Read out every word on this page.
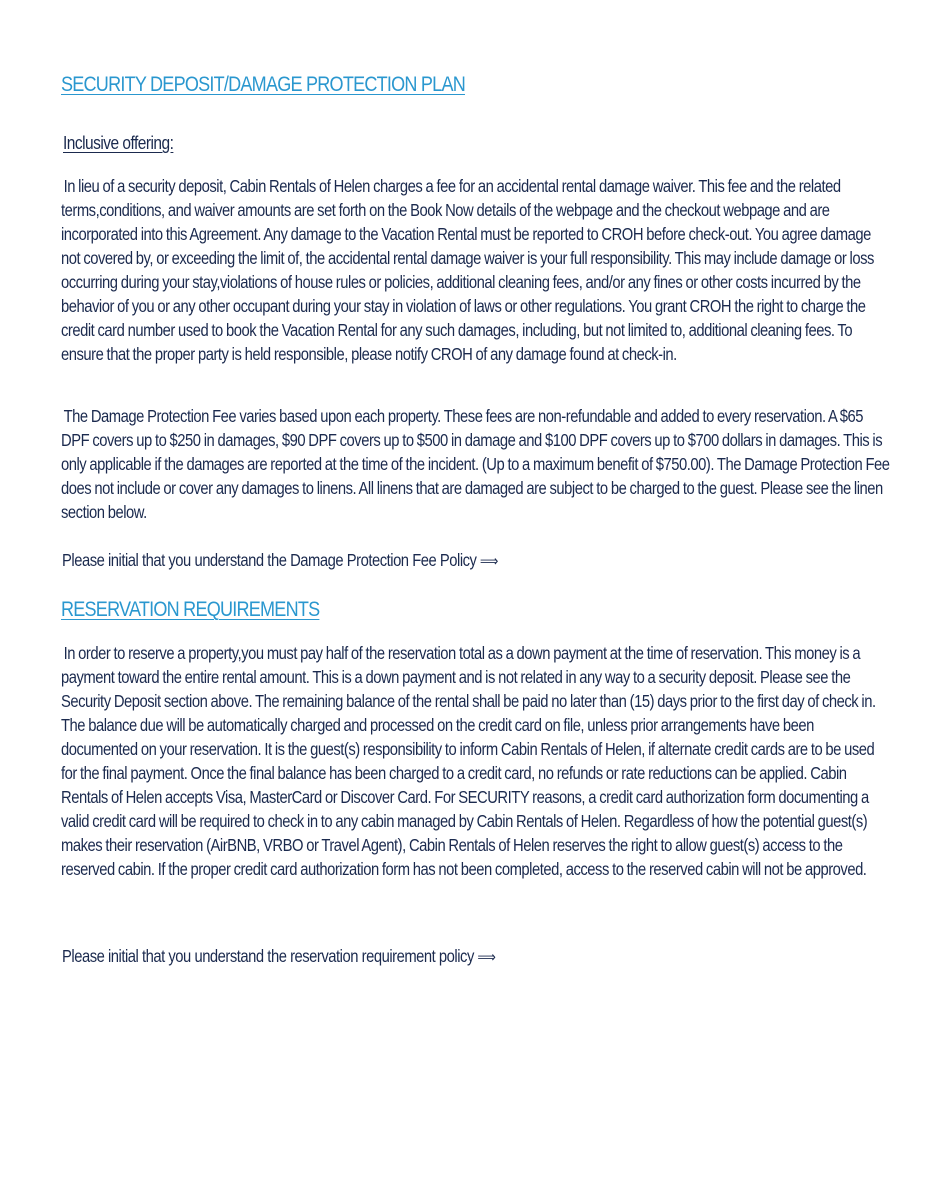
SECURITY DEPOSIT/DAMAGE PROTECTION PLAN
Inclusive offering:

In lieu of a security deposit, Cabin Rentals of Helen charges a fee for an accidental rental damage waiver. This fee and the related terms,conditions, and waiver amounts are set forth on the Book Now details of the webpage and the checkout webpage and are incorporated into this Agreement. Any damage to the Vacation Rental must be reported to CROH before check-out. You agree damage not covered by, or exceeding the limit of, the accidental rental damage waiver is your full responsibility. This may include damage or loss occurring during your stay,violations of house rules or policies, additional cleaning fees, and/or any fines or other costs incurred by the behavior of you or any other occupant during your stay in violation of laws or other regulations. You grant CROH the right to charge the credit card number used to book the Vacation Rental for any such damages, including, but not limited to, additional cleaning fees. To ensure that the proper party is held responsible, please notify CROH of any damage found at check-in.

The Damage Protection Fee varies based upon each property. These fees are non-refundable and added to every reservation. A $65 DPF covers up to $250 in damages, $90 DPF covers up to $500 in damage and $100 DPF covers up to $700 dollars in damages. This is only applicable if the damages are reported at the time of the incident. (Up to a maximum benefit of $750.00). The Damage Protection Fee does not include or cover any damages to linens. All linens that are damaged are subject to be charged to the guest. Please see the linen section below.

Please initial that you understand the Damage Protection Fee Policy ⟹
RESERVATION REQUIREMENTS

In order to reserve a property,you must pay half of the reservation total as a down payment at the time of reservation. This money is a payment toward the entire rental amount. This is a down payment and is not related in any way to a security deposit. Please see the Security Deposit section above. The remaining balance of the rental shall be paid no later than (15) days prior to the first day of check in. The balance due will be automatically charged and processed on the credit card on file, unless prior arrangements have been documented on your reservation. It is the guest(s) responsibility to inform Cabin Rentals of Helen, if alternate credit cards are to be used for the final payment. Once the final balance has been charged to a credit card, no refunds or rate reductions can be applied. Cabin Rentals of Helen accepts Visa, MasterCard or Discover Card. For SECURITY reasons, a credit card authorization form documenting a valid credit card will be required to check in to any cabin managed by Cabin Rentals of Helen. Regardless of how the potential guest(s) makes their reservation (AirBNB, VRBO or Travel Agent), Cabin Rentals of Helen reserves the right to allow guest(s) access to the reserved cabin. If the proper credit card authorization form has not been completed, access to the reserved cabin will not be approved.

Please initial that you understand the reservation requirement policy ⟹
